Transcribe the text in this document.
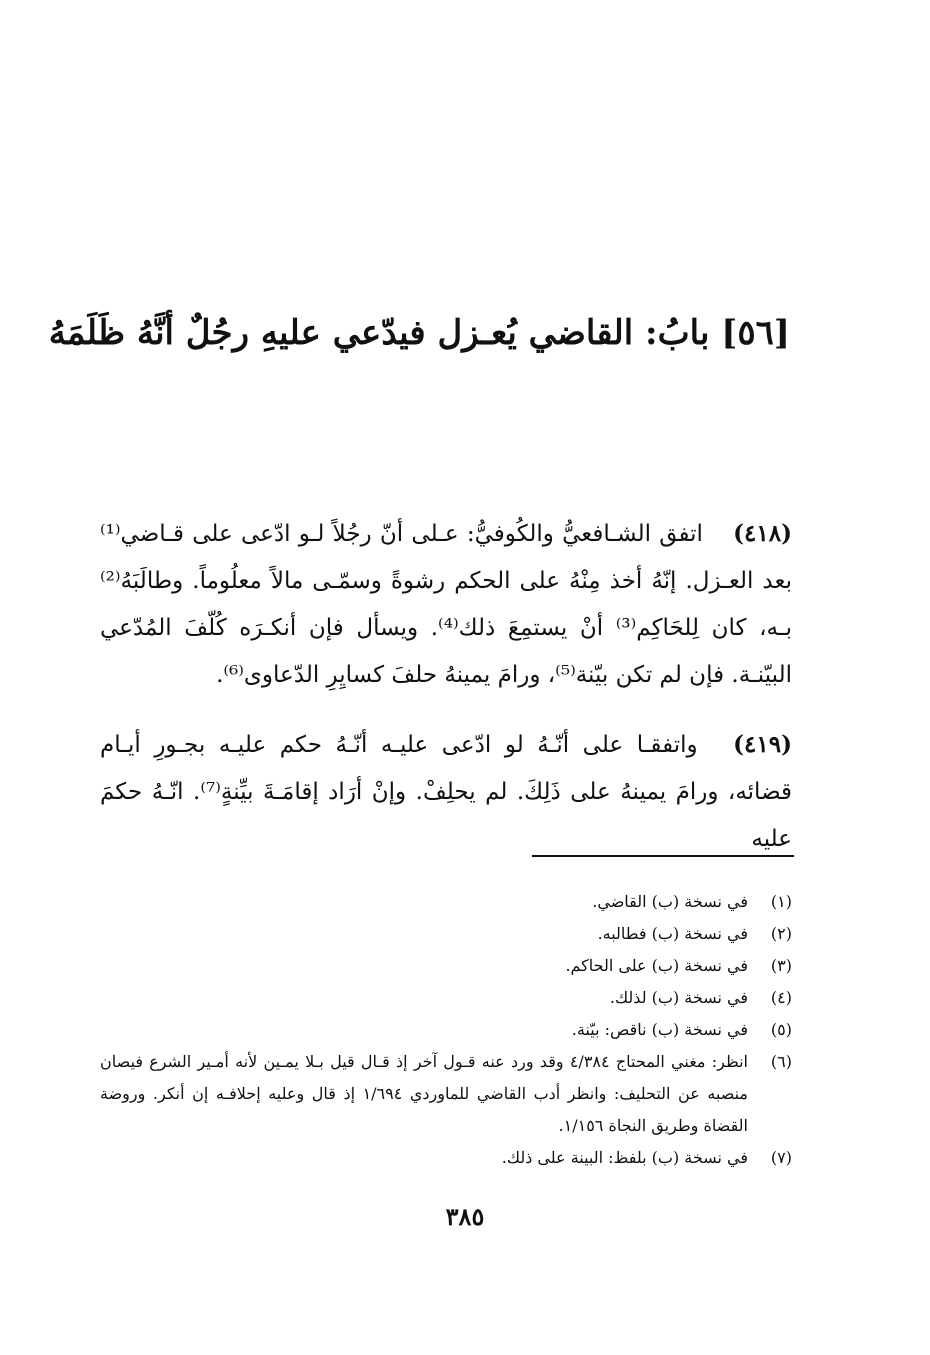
[٥٦] بابُ: القاضي يُعـزل فيدّعي عليهِ رجُلٌ أنَّهُ ظَلَمَهُ

(٤١٨) اتفق الشـافعيُّ والكُوفيُّ: عـلى أنّ رجُلاً لـو ادّعى على قـاضي⁽¹⁾ بعد العـزل. إنّهُ أخذ مِنْهُ على الحكم رشوةً وسمّـى مالاً معلُوماً. وطالَبَهُ⁽²⁾ بـه، كان لِلحَاكِم⁽³⁾ أنْ يستمِعَ ذلك⁽⁴⁾. ويسأل فإن أنكـرَه كُلّفَ المُدّعي البيّنـة. فإن لم تكن بيّنة⁽⁵⁾، ورامَ يمينهُ حلفَ كسايِرِ الدّعاوى⁽⁶⁾.

(٤١٩) واتفقـا على أنّـهُ لو ادّعى عليـه أنّـهُ حكم عليـه بجـورِ أيـام قضائه، ورامَ يمينهُ على ذَلِكَ. لم يحلِفْ. وإنْ أرَاد إقامَـةَ بيِّنةٍ⁽⁷⁾. انّـهُ حكمَ عليه

(١)
في نسخة (ب) القاضي.
(٢)
في نسخة (ب) فطالبه.
(٣)
في نسخة (ب) على الحاكم.
(٤)
في نسخة (ب) لذلك.
(٥)
في نسخة (ب) ناقص: بيّنة.
(٦)
انظر: مغني المحتاج ٤/٣٨٤ وقد ورد عنه قـول آخر إذ قـال قيل بـلا يمـين لأنه أمـير الشرع فيصان منصبه عن التحليف: وانظر أدب القاضي للماوردي ١/٦٩٤ إذ قال وعليه إحلافـه إن أنكر. وروضة القضاة وطريق النجاة ١/١٥٦.
(٧)
في نسخة (ب) بلفظ: البينة على ذلك.
٣٨٥
